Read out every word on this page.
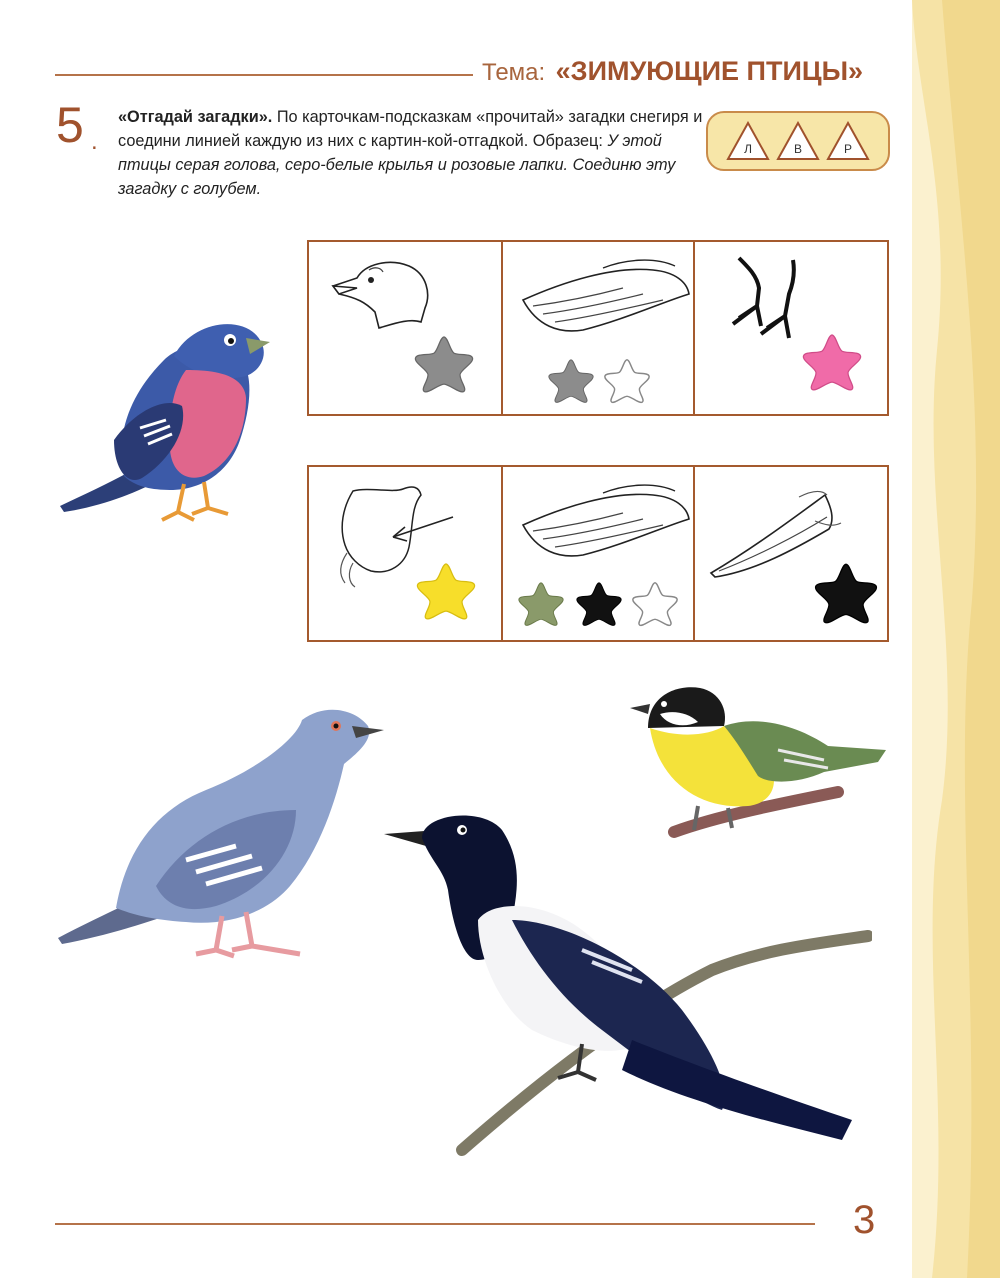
Тема: «ЗИМУЮЩИЕ ПТИЦЫ»
5 .
«Отгадай загадки». По карточкам-подсказкам «прочитай» загадки снегиря и соедини линией каждую из них с картин-кой-отгадкой. Образец: У этой птицы серая голова, серо-белые крылья и розовые лапки. Соединю эту загадку с голубем.
Л	В	Р
3
